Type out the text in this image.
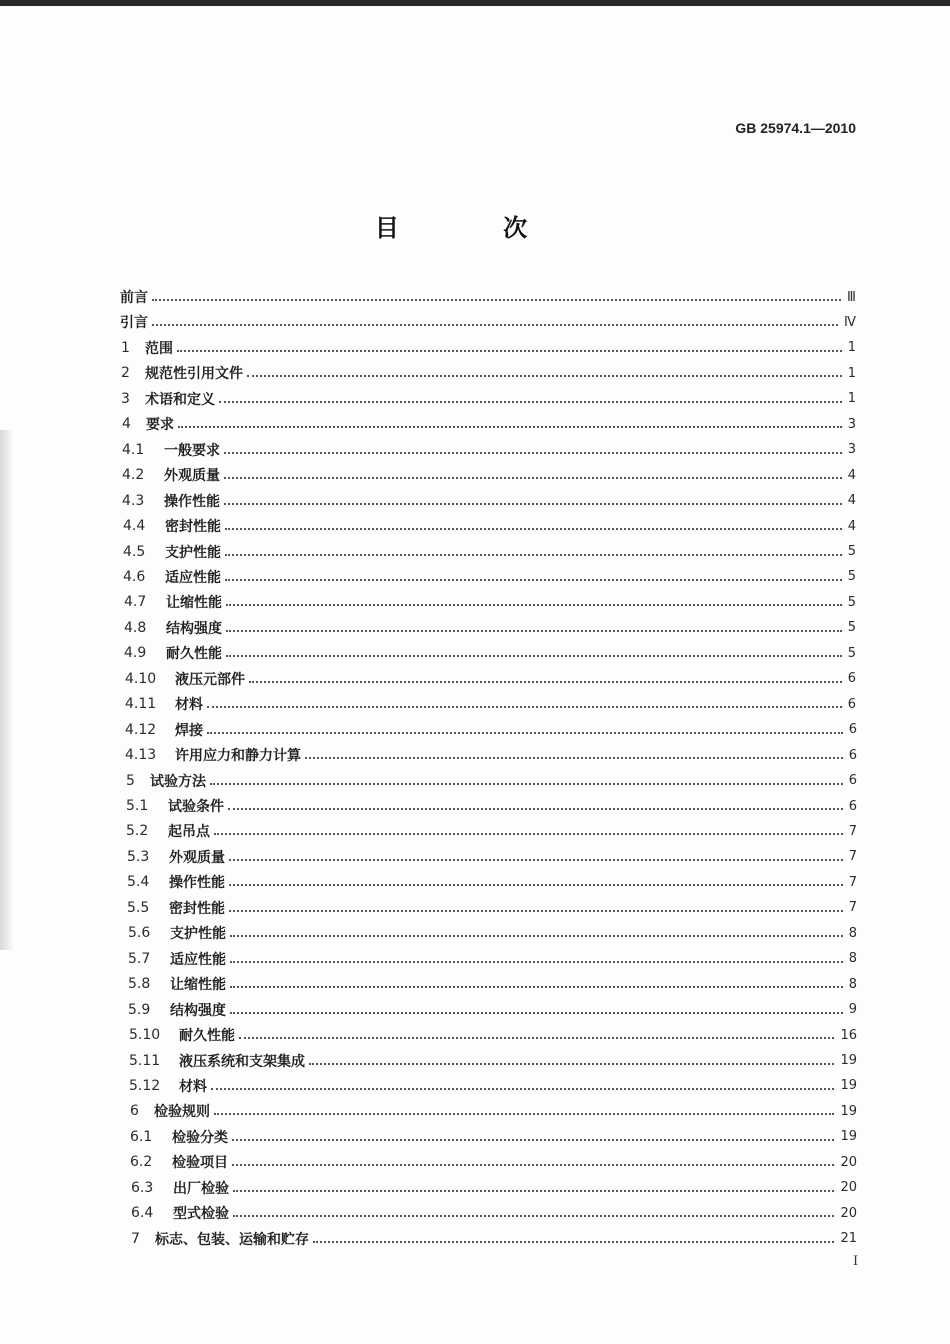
GB 25974.1—2010
目 次
前言	Ⅲ
引言	Ⅳ
1	范围	1
2	规范性引用文件	1
3	术语和定义	1
4	要求	3
4.1	一般要求	3
4.2	外观质量	4
4.3	操作性能	4
4.4	密封性能	4
4.5	支护性能	5
4.6	适应性能	5
4.7	让缩性能	5
4.8	结构强度	5
4.9	耐久性能	5
4.10	液压元部件	6
4.11	材料	6
4.12	焊接	6
4.13	许用应力和静力计算	6
5	试验方法	6
5.1	试验条件	6
5.2	起吊点	7
5.3	外观质量	7
5.4	操作性能	7
5.5	密封性能	7
5.6	支护性能	8
5.7	适应性能	8
5.8	让缩性能	8
5.9	结构强度	9
5.10	耐久性能	16
5.11	液压系统和支架集成	19
5.12	材料	19
6	检验规则	19
6.1	检验分类	19
6.2	检验项目	20
6.3	出厂检验	20
6.4	型式检验	20
7	标志、包装、运输和贮存	21
Ⅰ
